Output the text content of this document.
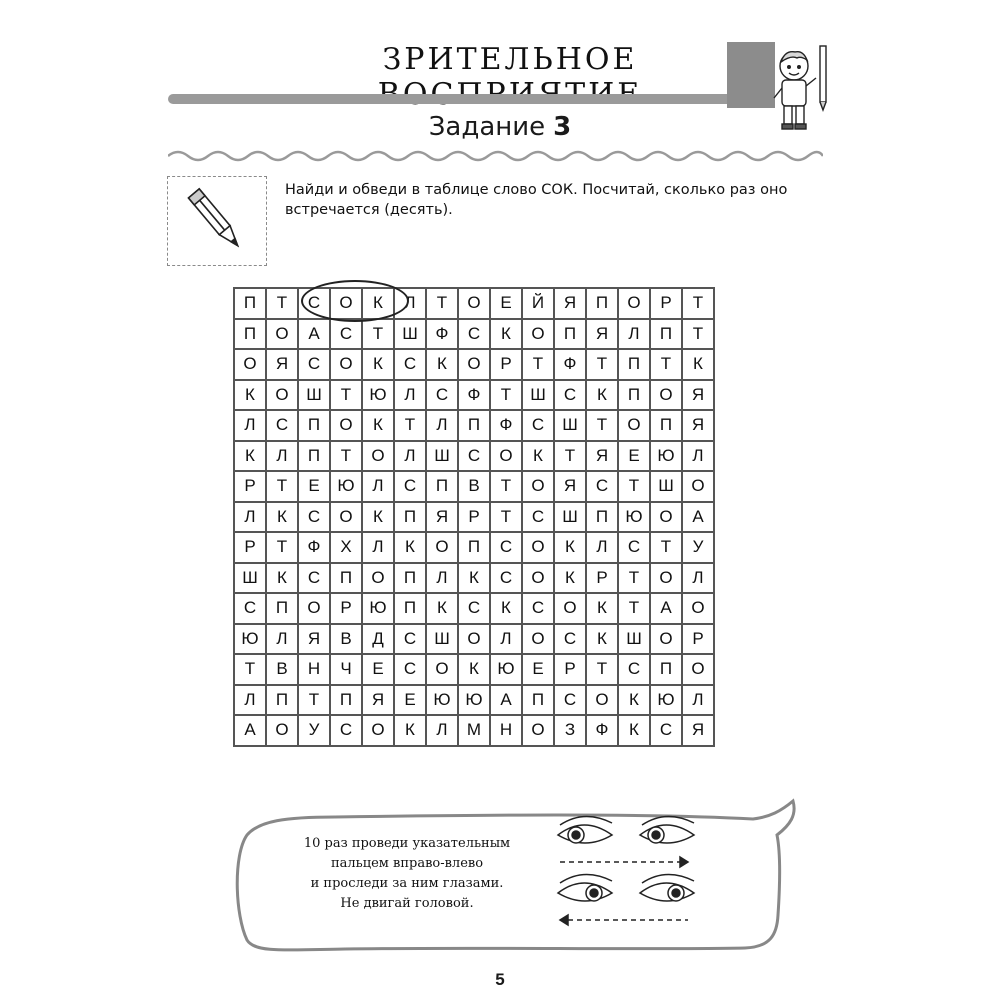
ЗРИТЕЛЬНОЕ
Задание 3
Найди и обведи в таблице слово СОК. Посчитай, сколько раз оно встречается (десять).
П	Т	С	О	К	Л	Т	О	Е	Й	Я	П	О	Р	Т
П	О	А	С	Т	Ш	Ф	С	К	О	П	Я	Л	П	Т
О	Я	С	О	К	С	К	О	Р	Т	Ф	Т	П	Т	К
К	О	Ш	Т	Ю	Л	С	Ф	Т	Ш	С	К	П	О	Я
Л	С	П	О	К	Т	Л	П	Ф	С	Ш	Т	О	П	Я
К	Л	П	Т	О	Л	Ш	С	О	К	Т	Я	Е	Ю	Л
Р	Т	Е	Ю	Л	С	П	В	Т	О	Я	С	Т	Ш	О
Л	К	С	О	К	П	Я	Р	Т	С	Ш	П	Ю	О	А
Р	Т	Ф	Х	Л	К	О	П	С	О	К	Л	С	Т	У
Ш	К	С	П	О	П	Л	К	С	О	К	Р	Т	О	Л
С	П	О	Р	Ю	П	К	С	К	С	О	К	Т	А	О
Ю	Л	Я	В	Д	С	Ш	О	Л	О	С	К	Ш	О	Р
Т	В	Н	Ч	Е	С	О	К	Ю	Е	Р	Т	С	П	О
Л	П	Т	П	Я	Е	Ю	Ю	А	П	С	О	К	Ю	Л
А	О	У	С	О	К	Л	М	Н	О	З	Ф	К	С	Я
10 раз проведи указательным
пальцем вправо-влево
и проследи за ним глазами.
Не двигай головой.
5
